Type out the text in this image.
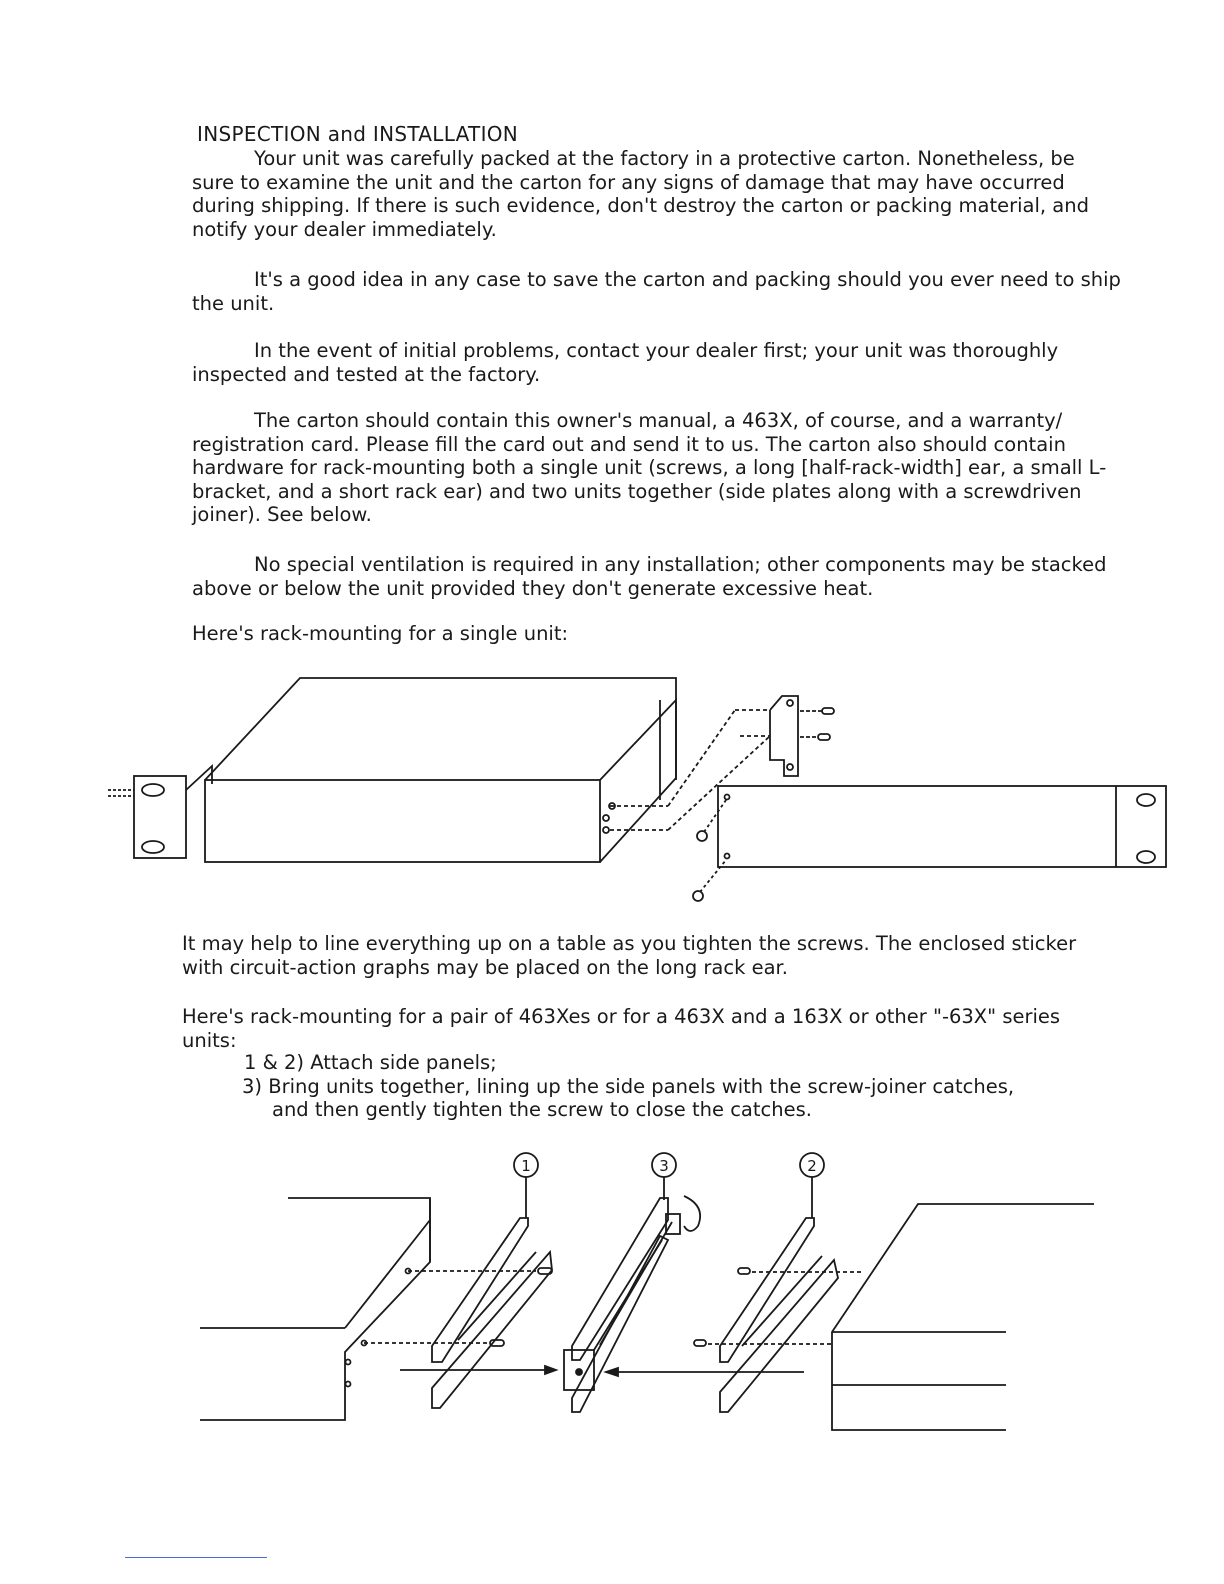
INSPECTION and INSTALLATION

Your unit was carefully packed at the factory in a protective carton. Nonetheless, be sure to examine the unit and the carton for any signs of damage that may have occurred during shipping. If there is such evidence, don't destroy the carton or packing material, and notify your dealer immediately.

It's a good idea in any case to save the carton and packing should you ever need to ship the unit.

In the event of initial problems, contact your dealer first; your unit was thoroughly inspected and tested at the factory.

The carton should contain this owner's manual, a 463X, of course, and a warranty/ registration card. Please fill the card out and send it to us. The carton also should contain hardware for rack-mounting both a single unit (screws, a long [half-rack-width] ear, a small L-bracket, and a short rack ear) and two units together (side plates along with a screwdriven joiner). See below.

No special ventilation is required in any installation; other components may be stacked above or below the unit provided they don't generate excessive heat.

Here's rack-mounting for a single unit:

It may help to line everything up on a table as you tighten the screws. The enclosed sticker with circuit-action graphs may be placed on the long rack ear.

Here's rack-mounting for a pair of 463Xes or for a 463X and a 163X or other "-63X" series units:

1 & 2) Attach side panels;
3) Bring units together, lining up the side panels with the screw-joiner catches,
and then gently tighten the screw to close the catches.
1	3	2
